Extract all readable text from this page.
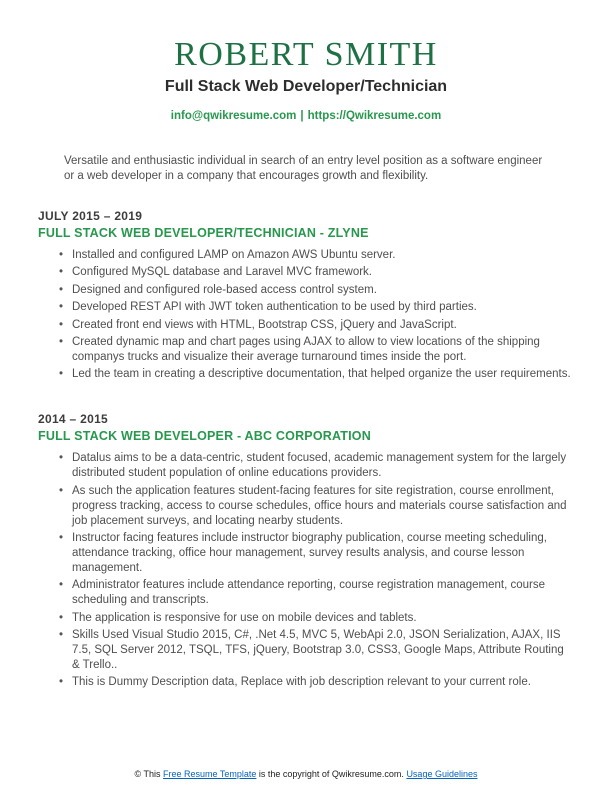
ROBERT SMITH
Full Stack Web Developer/Technician
info@qwikresume.com | https://Qwikresume.com

Versatile and enthusiastic individual in search of an entry level position as a software engineer or a web developer in a company that encourages growth and flexibility.

JULY 2015 – 2019
FULL STACK WEB DEVELOPER/TECHNICIAN - ZLYNE
• Installed and configured LAMP on Amazon AWS Ubuntu server.
• Configured MySQL database and Laravel MVC framework.
• Designed and configured role-based access control system.
• Developed REST API with JWT token authentication to be used by third parties.
• Created front end views with HTML, Bootstrap CSS, jQuery and JavaScript.
• Created dynamic map and chart pages using AJAX to allow to view locations of the shipping companys trucks and visualize their average turnaround times inside the port.
• Led the team in creating a descriptive documentation, that helped organize the user requirements.
2014 – 2015
FULL STACK WEB DEVELOPER - ABC CORPORATION
• Datalus aims to be a data-centric, student focused, academic management system for the largely distributed student population of online educations providers.
• As such the application features student-facing features for site registration, course enrollment, progress tracking, access to course schedules, office hours and materials course satisfaction and job placement surveys, and locating nearby students.
• Instructor facing features include instructor biography publication, course meeting scheduling, attendance tracking, office hour management, survey results analysis, and course lesson management.
• Administrator features include attendance reporting, course registration management, course scheduling and transcripts.
• The application is responsive for use on mobile devices and tablets.
• Skills Used Visual Studio 2015, C#, .Net 4.5, MVC 5, WebApi 2.0, JSON Serialization, AJAX, IIS 7.5, SQL Server 2012, TSQL, TFS, jQuery, Bootstrap 3.0, CSS3, Google Maps, Attribute Routing & Trello..
• This is Dummy Description data, Replace with job description relevant to your current role.
© This Free Resume Template is the copyright of Qwikresume.com. Usage Guidelines
